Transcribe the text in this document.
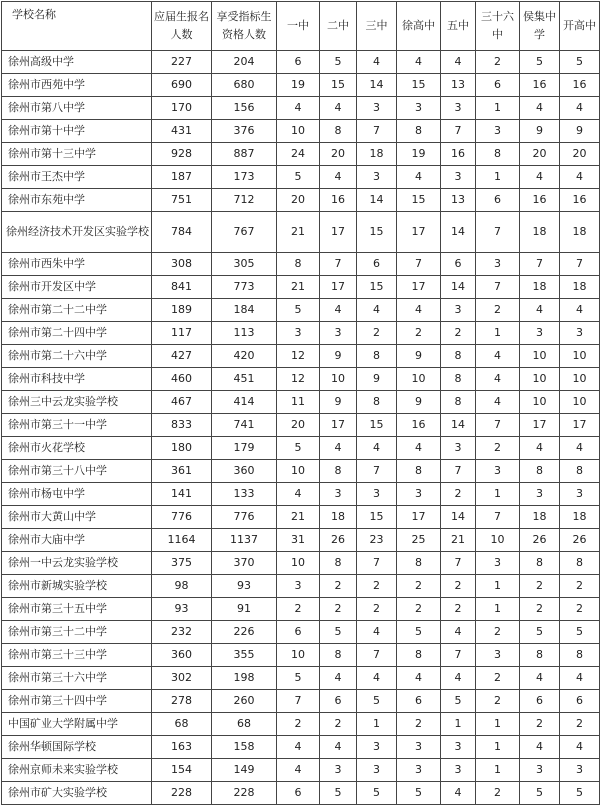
学校名称	应届生报名人数	享受指标生资格人数	一中	二中	三中	徐高中	五中	三十六中	侯集中学	开高中
徐州高级中学	227	204	6	5	4	4	4	2	5	5
徐州市西苑中学	690	680	19	15	14	15	13	6	16	16
徐州市第八中学	170	156	4	4	3	3	3	1	4	4
徐州市第十中学	431	376	10	8	7	8	7	3	9	9
徐州市第十三中学	928	887	24	20	18	19	16	8	20	20
徐州市王杰中学	187	173	5	4	3	4	3	1	4	4
徐州市东苑中学	751	712	20	16	14	15	13	6	16	16
徐州经济技术开发区实验学校	784	767	21	17	15	17	14	7	18	18
徐州市西朱中学	308	305	8	7	6	7	6	3	7	7
徐州市开发区中学	841	773	21	17	15	17	14	7	18	18
徐州市第二十二中学	189	184	5	4	4	4	3	2	4	4
徐州市第二十四中学	117	113	3	3	2	2	2	1	3	3
徐州市第二十六中学	427	420	12	9	8	9	8	4	10	10
徐州市科技中学	460	451	12	10	9	10	8	4	10	10
徐州三中云龙实验学校	467	414	11	9	8	9	8	4	10	10
徐州市第三十一中学	833	741	20	17	15	16	14	7	17	17
徐州市火花学校	180	179	5	4	4	4	3	2	4	4
徐州市第三十八中学	361	360	10	8	7	8	7	3	8	8
徐州市杨屯中学	141	133	4	3	3	3	2	1	3	3
徐州市大黄山中学	776	776	21	18	15	17	14	7	18	18
徐州市大庙中学	1164	1137	31	26	23	25	21	10	26	26
徐州一中云龙实验学校	375	370	10	8	7	8	7	3	8	8
徐州市新城实验学校	98	93	3	2	2	2	2	1	2	2
徐州市第三十五中学	93	91	2	2	2	2	2	1	2	2
徐州市第三十二中学	232	226	6	5	4	5	4	2	5	5
徐州市第三十三中学	360	355	10	8	7	8	7	3	8	8
徐州市第三十六中学	302	198	5	4	4	4	4	2	4	4
徐州市第三十四中学	278	260	7	6	5	6	5	2	6	6
中国矿业大学附属中学	68	68	2	2	1	2	1	1	2	2
徐州华顿国际学校	163	158	4	4	3	3	3	1	4	4
徐州京师未来实验学校	154	149	4	3	3	3	3	1	3	3
徐州市矿大实验学校	228	228	6	5	5	5	4	2	5	5
